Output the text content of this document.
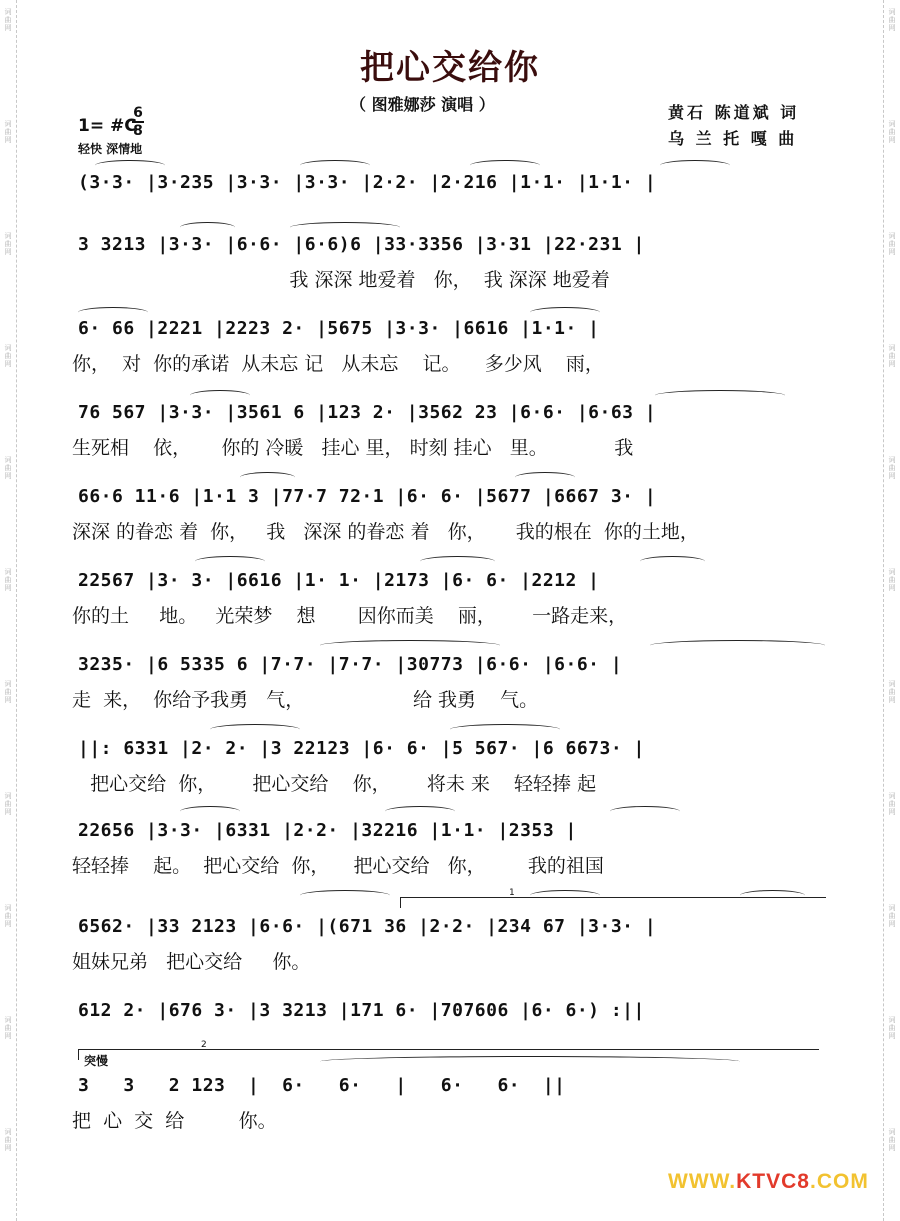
词
曲
网
词
曲
网
词
曲
网
词
曲
网
词
曲
网
词
曲
网
词
曲
网
词
曲
网
词
曲
网
词
曲
网
词
曲
网
词
曲
网
词
曲
网
词
曲
网
词
曲
网
词
曲
网
词
曲
网
词
曲
网
词
曲
网
词
曲
网
词
曲
网
词
曲
网
把心交给你
（ 图雅娜莎 演唱 ）	黄石 陈道斌 词
乌 兰 托 嘎 曲
1= #C
6
8
轻快 深情地
1
2
突慢
(3·3· |3·235 |3·3· |3·3· |2·2· |2·216 |1·1· |1·1· |
3 3213 |3·3· |6·6· |6·6)6 |33·3356 |3·31 |22·231 |
我 深深 地爱着   你，  我 深深 地爱着
6· 66 |2221 |2223 2· |5675 |3·3· |6616 |1·1· |
你，  对  你的承诺  从未忘 记   从未忘    记。    多少风    雨，
76 567 |3·3· |3561 6 |123 2· |3562 23 |6·6· |6·63 |
生死相    依，     你的 冷暖   挂心 里， 时刻 挂心   里。           我
66·6 11·6 |1·1 3 |77·7 72·1 |6· 6· |5677 |6667 3· |
深深 的眷恋 着  你，   我   深深 的眷恋 着   你，     我的根在  你的土地，
22567 |3· 3· |6616 |1· 1· |2173 |6· 6· |2212 |
你的土     地。   光荣梦    想       因你而美    丽，      一路走来，
3235· |6 5335 6 |7·7· |7·7· |30773 |6·6· |6·6· |
走  来，  你给予我勇   气，                  给 我勇    气。
||: 6331 |2· 2· |3 22123 |6· 6· |5 567· |6 6673· |
把心交给  你，      把心交给    你，      将未 来    轻轻捧 起
22656 |3·3· |6331 |2·2· |32216 |1·1· |2353 |
轻轻捧    起。  把心交给  你，    把心交给   你，       我的祖国
6562· |33 2123 |6·6· |(671 36 |2·2· |234 67 |3·3· |
姐妹兄弟   把心交给     你。
612 2· |676 3· |3 3213 |171 6· |707606 |6· 6·) :||
3   3   2 123  |  6·   6·   |   6·   6·  ||
把  心  交  给         你。
WWW.KTVC8.COM
